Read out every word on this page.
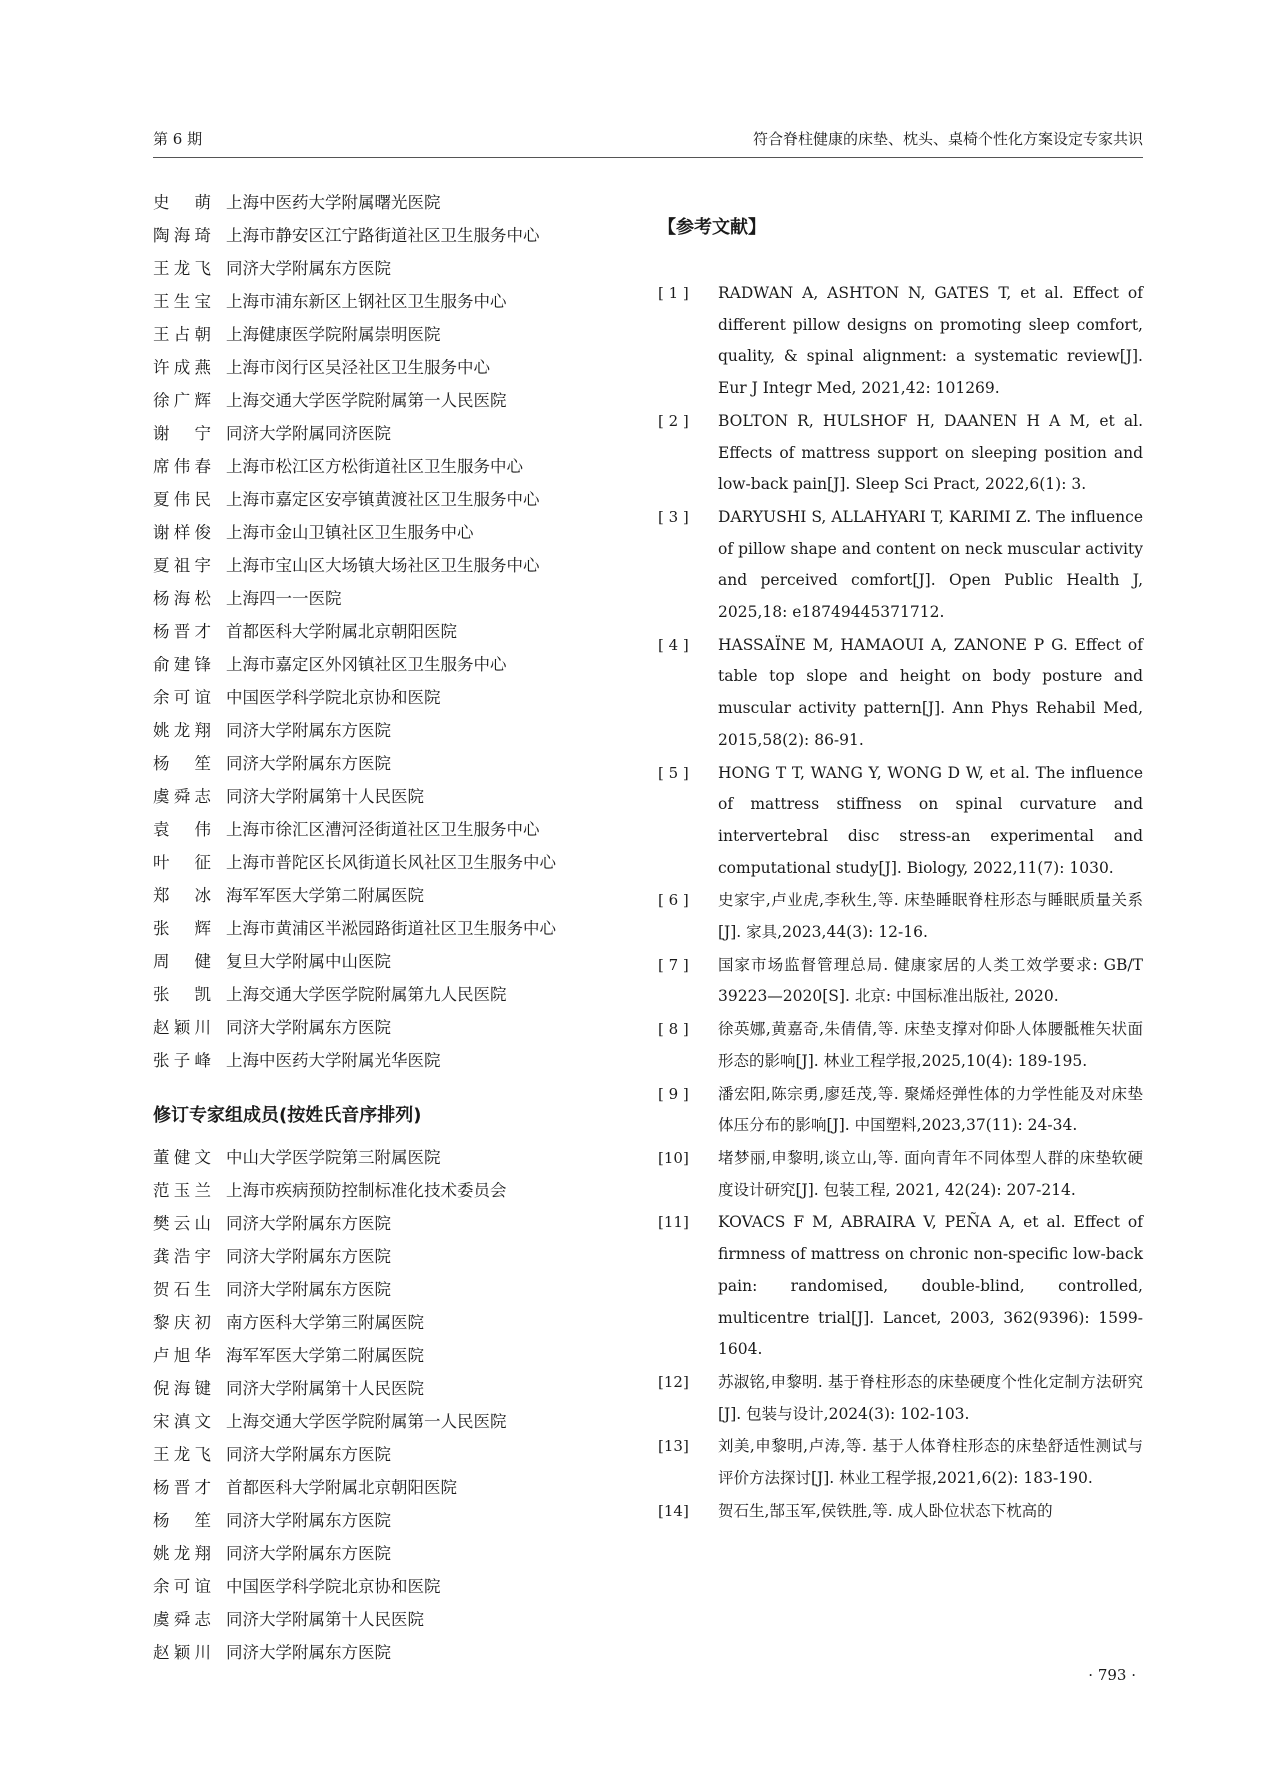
第 6 期	符合脊柱健康的床垫、枕头、桌椅个性化方案设定专家共识
史 萌 上海中医药大学附属曙光医院
陶海琦 上海市静安区江宁路街道社区卫生服务中心
王龙飞 同济大学附属东方医院
王生宝 上海市浦东新区上钢社区卫生服务中心
王占朝 上海健康医学院附属崇明医院
许成燕 上海市闵行区吴泾社区卫生服务中心
徐广辉 上海交通大学医学院附属第一人民医院
谢 宁 同济大学附属同济医院
席伟春 上海市松江区方松街道社区卫生服务中心
夏伟民 上海市嘉定区安亭镇黄渡社区卫生服务中心
谢样俊 上海市金山卫镇社区卫生服务中心
夏祖宇 上海市宝山区大场镇大场社区卫生服务中心
杨海松 上海四一一医院
杨晋才 首都医科大学附属北京朝阳医院
俞建锋 上海市嘉定区外冈镇社区卫生服务中心
余可谊 中国医学科学院北京协和医院
姚龙翔 同济大学附属东方医院
杨 笙 同济大学附属东方医院
虞舜志 同济大学附属第十人民医院
袁 伟 上海市徐汇区漕河泾街道社区卫生服务中心
叶 征 上海市普陀区长风街道长风社区卫生服务中心
郑 冰 海军军医大学第二附属医院
张 辉 上海市黄浦区半淞园路街道社区卫生服务中心
周 健 复旦大学附属中山医院
张 凯 上海交通大学医学院附属第九人民医院
赵颖川 同济大学附属东方医院
张子峰 上海中医药大学附属光华医院
修订专家组成员(按姓氏音序排列)
董健文 中山大学医学院第三附属医院
范玉兰 上海市疾病预防控制标准化技术委员会
樊云山 同济大学附属东方医院
龚浩宇 同济大学附属东方医院
贺石生 同济大学附属东方医院
黎庆初 南方医科大学第三附属医院
卢旭华 海军军医大学第二附属医院
倪海键 同济大学附属第十人民医院
宋滇文 上海交通大学医学院附属第一人民医院
王龙飞 同济大学附属东方医院
杨晋才 首都医科大学附属北京朝阳医院
杨 笙 同济大学附属东方医院
姚龙翔 同济大学附属东方医院
余可谊 中国医学科学院北京协和医院
虞舜志 同济大学附属第十人民医院
赵颖川 同济大学附属东方医院
【参考文献】
[ 1 ]	RADWAN A, ASHTON N, GATES T, et al. Effect of different pillow designs on promoting sleep comfort, quality, & spinal alignment: a systematic review[J]. Eur J Integr Med, 2021,42: 101269.
[ 2 ]	BOLTON R, HULSHOF H, DAANEN H A M, et al. Effects of mattress support on sleeping position and low-back pain[J]. Sleep Sci Pract, 2022,6(1): 3.
[ 3 ]	DARYUSHI S, ALLAHYARI T, KARIMI Z. The influence of pillow shape and content on neck muscular activity and perceived comfort[J]. Open Public Health J, 2025,18: e18749445371712.
[ 4 ]	HASSAÏNE M, HAMAOUI A, ZANONE P G. Effect of table top slope and height on body posture and muscular activity pattern[J]. Ann Phys Rehabil Med, 2015,58(2): 86-91.
[ 5 ]	HONG T T, WANG Y, WONG D W, et al. The influence of mattress stiffness on spinal curvature and intervertebral disc stress-an experimental and computational study[J]. Biology, 2022,11(7): 1030.
[ 6 ]	史家宇,卢业虎,李秋生,等. 床垫睡眠脊柱形态与睡眠质量关系[J]. 家具,2023,44(3): 12-16.
[ 7 ]	国家市场监督管理总局. 健康家居的人类工效学要求: GB/T 39223—2020[S]. 北京: 中国标准出版社, 2020.
[ 8 ]	徐英娜,黄嘉奇,朱倩倩,等. 床垫支撑对仰卧人体腰骶椎矢状面形态的影响[J]. 林业工程学报,2025,10(4): 189-195.
[ 9 ]	潘宏阳,陈宗勇,廖廷茂,等. 聚烯烃弹性体的力学性能及对床垫体压分布的影响[J]. 中国塑料,2023,37(11): 24-34.
[10]	堵梦丽,申黎明,谈立山,等. 面向青年不同体型人群的床垫软硬度设计研究[J]. 包装工程, 2021, 42(24): 207-214.
[11]	KOVACS F M, ABRAIRA V, PEÑA A, et al. Effect of firmness of mattress on chronic non-specific low-back pain: randomised, double-blind, controlled, multicentre trial[J]. Lancet, 2003, 362(9396): 1599-1604.
[12]	苏淑铭,申黎明. 基于脊柱形态的床垫硬度个性化定制方法研究[J]. 包装与设计,2024(3): 102-103.
[13]	刘美,申黎明,卢涛,等. 基于人体脊柱形态的床垫舒适性测试与评价方法探讨[J]. 林业工程学报,2021,6(2): 183-190.
[14]	贺石生,郜玉军,侯铁胜,等. 成人卧位状态下枕高的
· 793 ·
